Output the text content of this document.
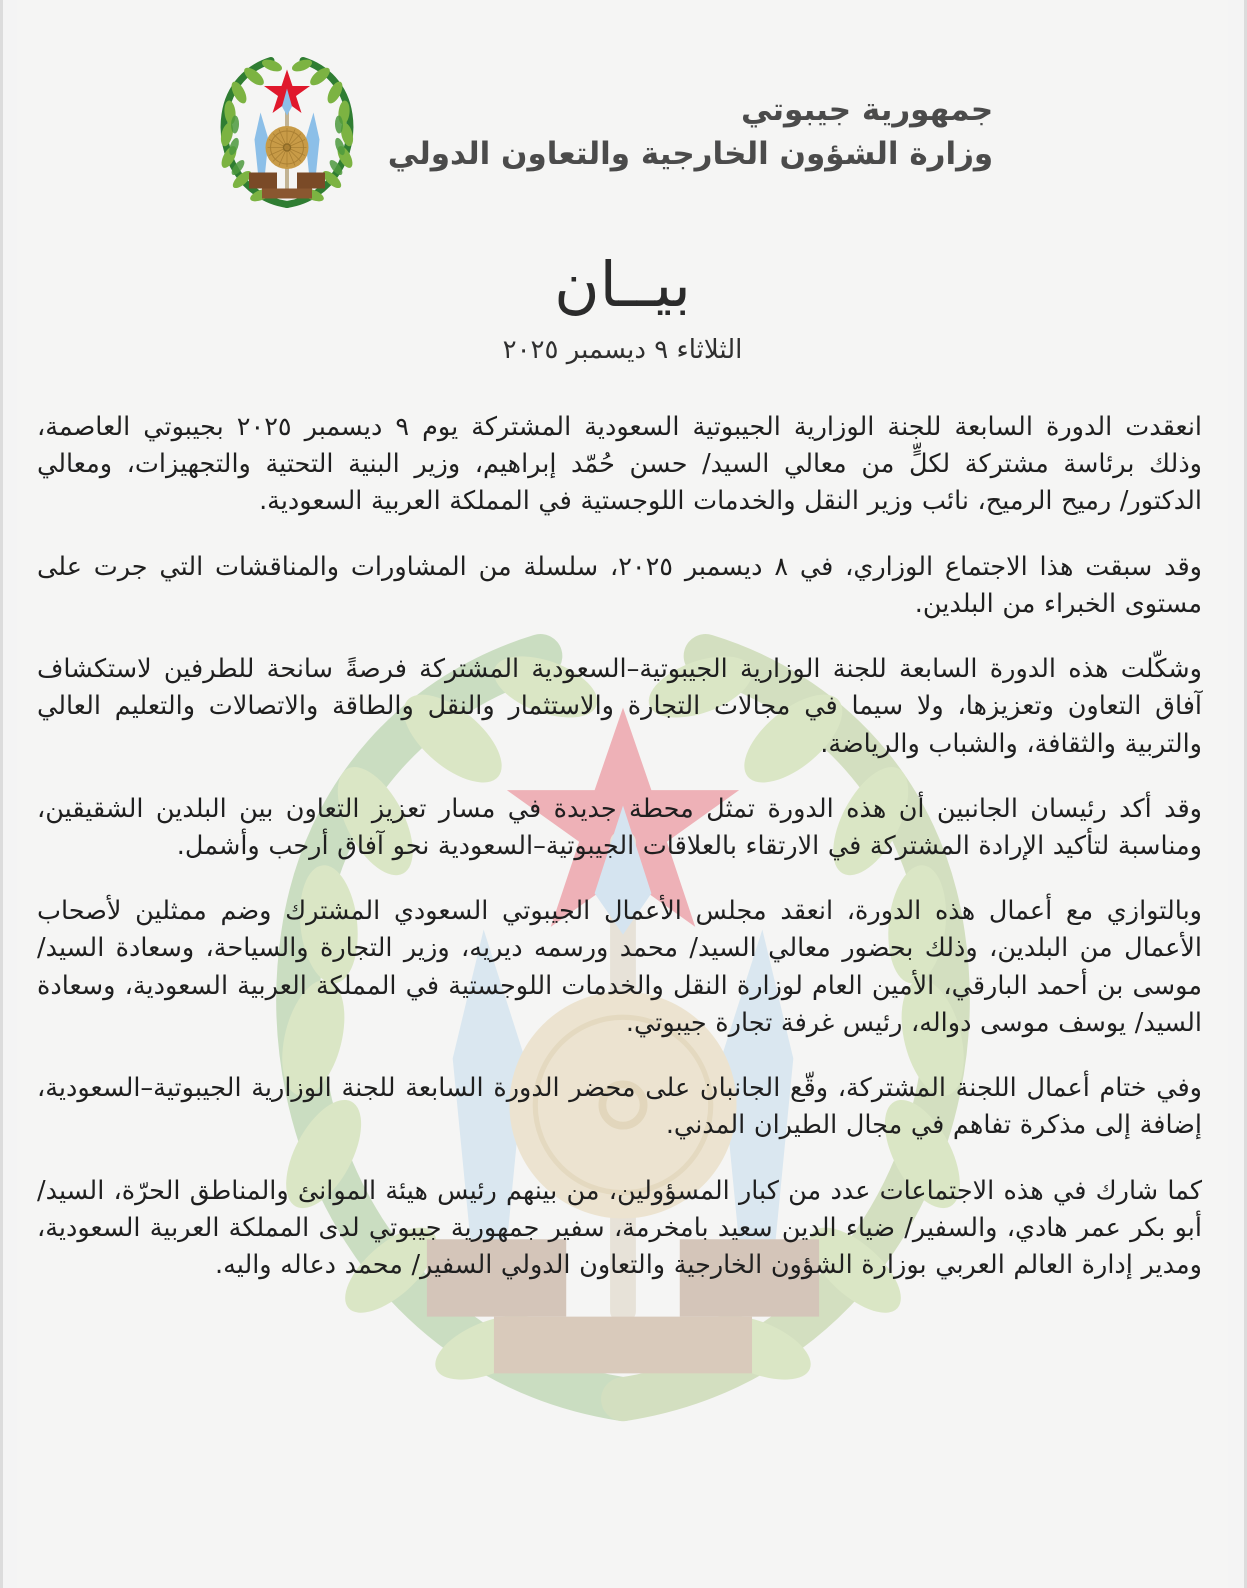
جمهورية جيبوتي
وزارة الشؤون الخارجية والتعاون الدولي
بيــان
الثلاثاء ٩ ديسمبر ٢٠٢٥

انعقدت الدورة السابعة للجنة الوزارية الجيبوتية السعودية المشتركة يوم ٩ ديسمبر ٢٠٢٥ بجيبوتي العاصمة، وذلك برئاسة مشتركة لكلٍّ من معالي السيد/ حسن حُمّد إبراهيم، وزير البنية التحتية والتجهيزات، ومعالي الدكتور/ رميح الرميح، نائب وزير النقل والخدمات اللوجستية في المملكة العربية السعودية.

وقد سبقت هذا الاجتماع الوزاري، في ٨ ديسمبر ٢٠٢٥، سلسلة من المشاورات والمناقشات التي جرت على مستوى الخبراء من البلدين.

وشكّلت هذه الدورة السابعة للجنة الوزارية الجيبوتية–السعودية المشتركة فرصةً سانحة للطرفين لاستكشاف آفاق التعاون وتعزيزها، ولا سيما في مجالات التجارة والاستثمار والنقل والطاقة والاتصالات والتعليم العالي والتربية والثقافة، والشباب والرياضة.

وقد أكد رئيسان الجانبين أن هذه الدورة تمثل محطة جديدة في مسار تعزيز التعاون بين البلدين الشقيقين، ومناسبة لتأكيد الإرادة المشتركة في الارتقاء بالعلاقات الجيبوتية–السعودية نحو آفاق أرحب وأشمل.

وبالتوازي مع أعمال هذه الدورة، انعقد مجلس الأعمال الجيبوتي السعودي المشترك وضم ممثلين لأصحاب الأعمال من البلدين، وذلك بحضور معالي السيد/ محمد ورسمه ديريه، وزير التجارة والسياحة، وسعادة السيد/ موسى بن أحمد البارقي، الأمين العام لوزارة النقل والخدمات اللوجستية في المملكة العربية السعودية، وسعادة السيد/ يوسف موسى دواله، رئيس غرفة تجارة جيبوتي.

وفي ختام أعمال اللجنة المشتركة، وقّع الجانبان على محضر الدورة السابعة للجنة الوزارية الجيبوتية–السعودية، إضافة إلى مذكرة تفاهم في مجال الطيران المدني.

كما شارك في هذه الاجتماعات عدد من كبار المسؤولين، من بينهم رئيس هيئة الموانئ والمناطق الحرّة، السيد/ أبو بكر عمر هادي، والسفير/ ضياء الدين سعيد بامخرمة، سفير جمهورية جيبوتي لدى المملكة العربية السعودية، ومدير إدارة العالم العربي بوزارة الشؤون الخارجية والتعاون الدولي السفير/ محمد دعاله واليه.
